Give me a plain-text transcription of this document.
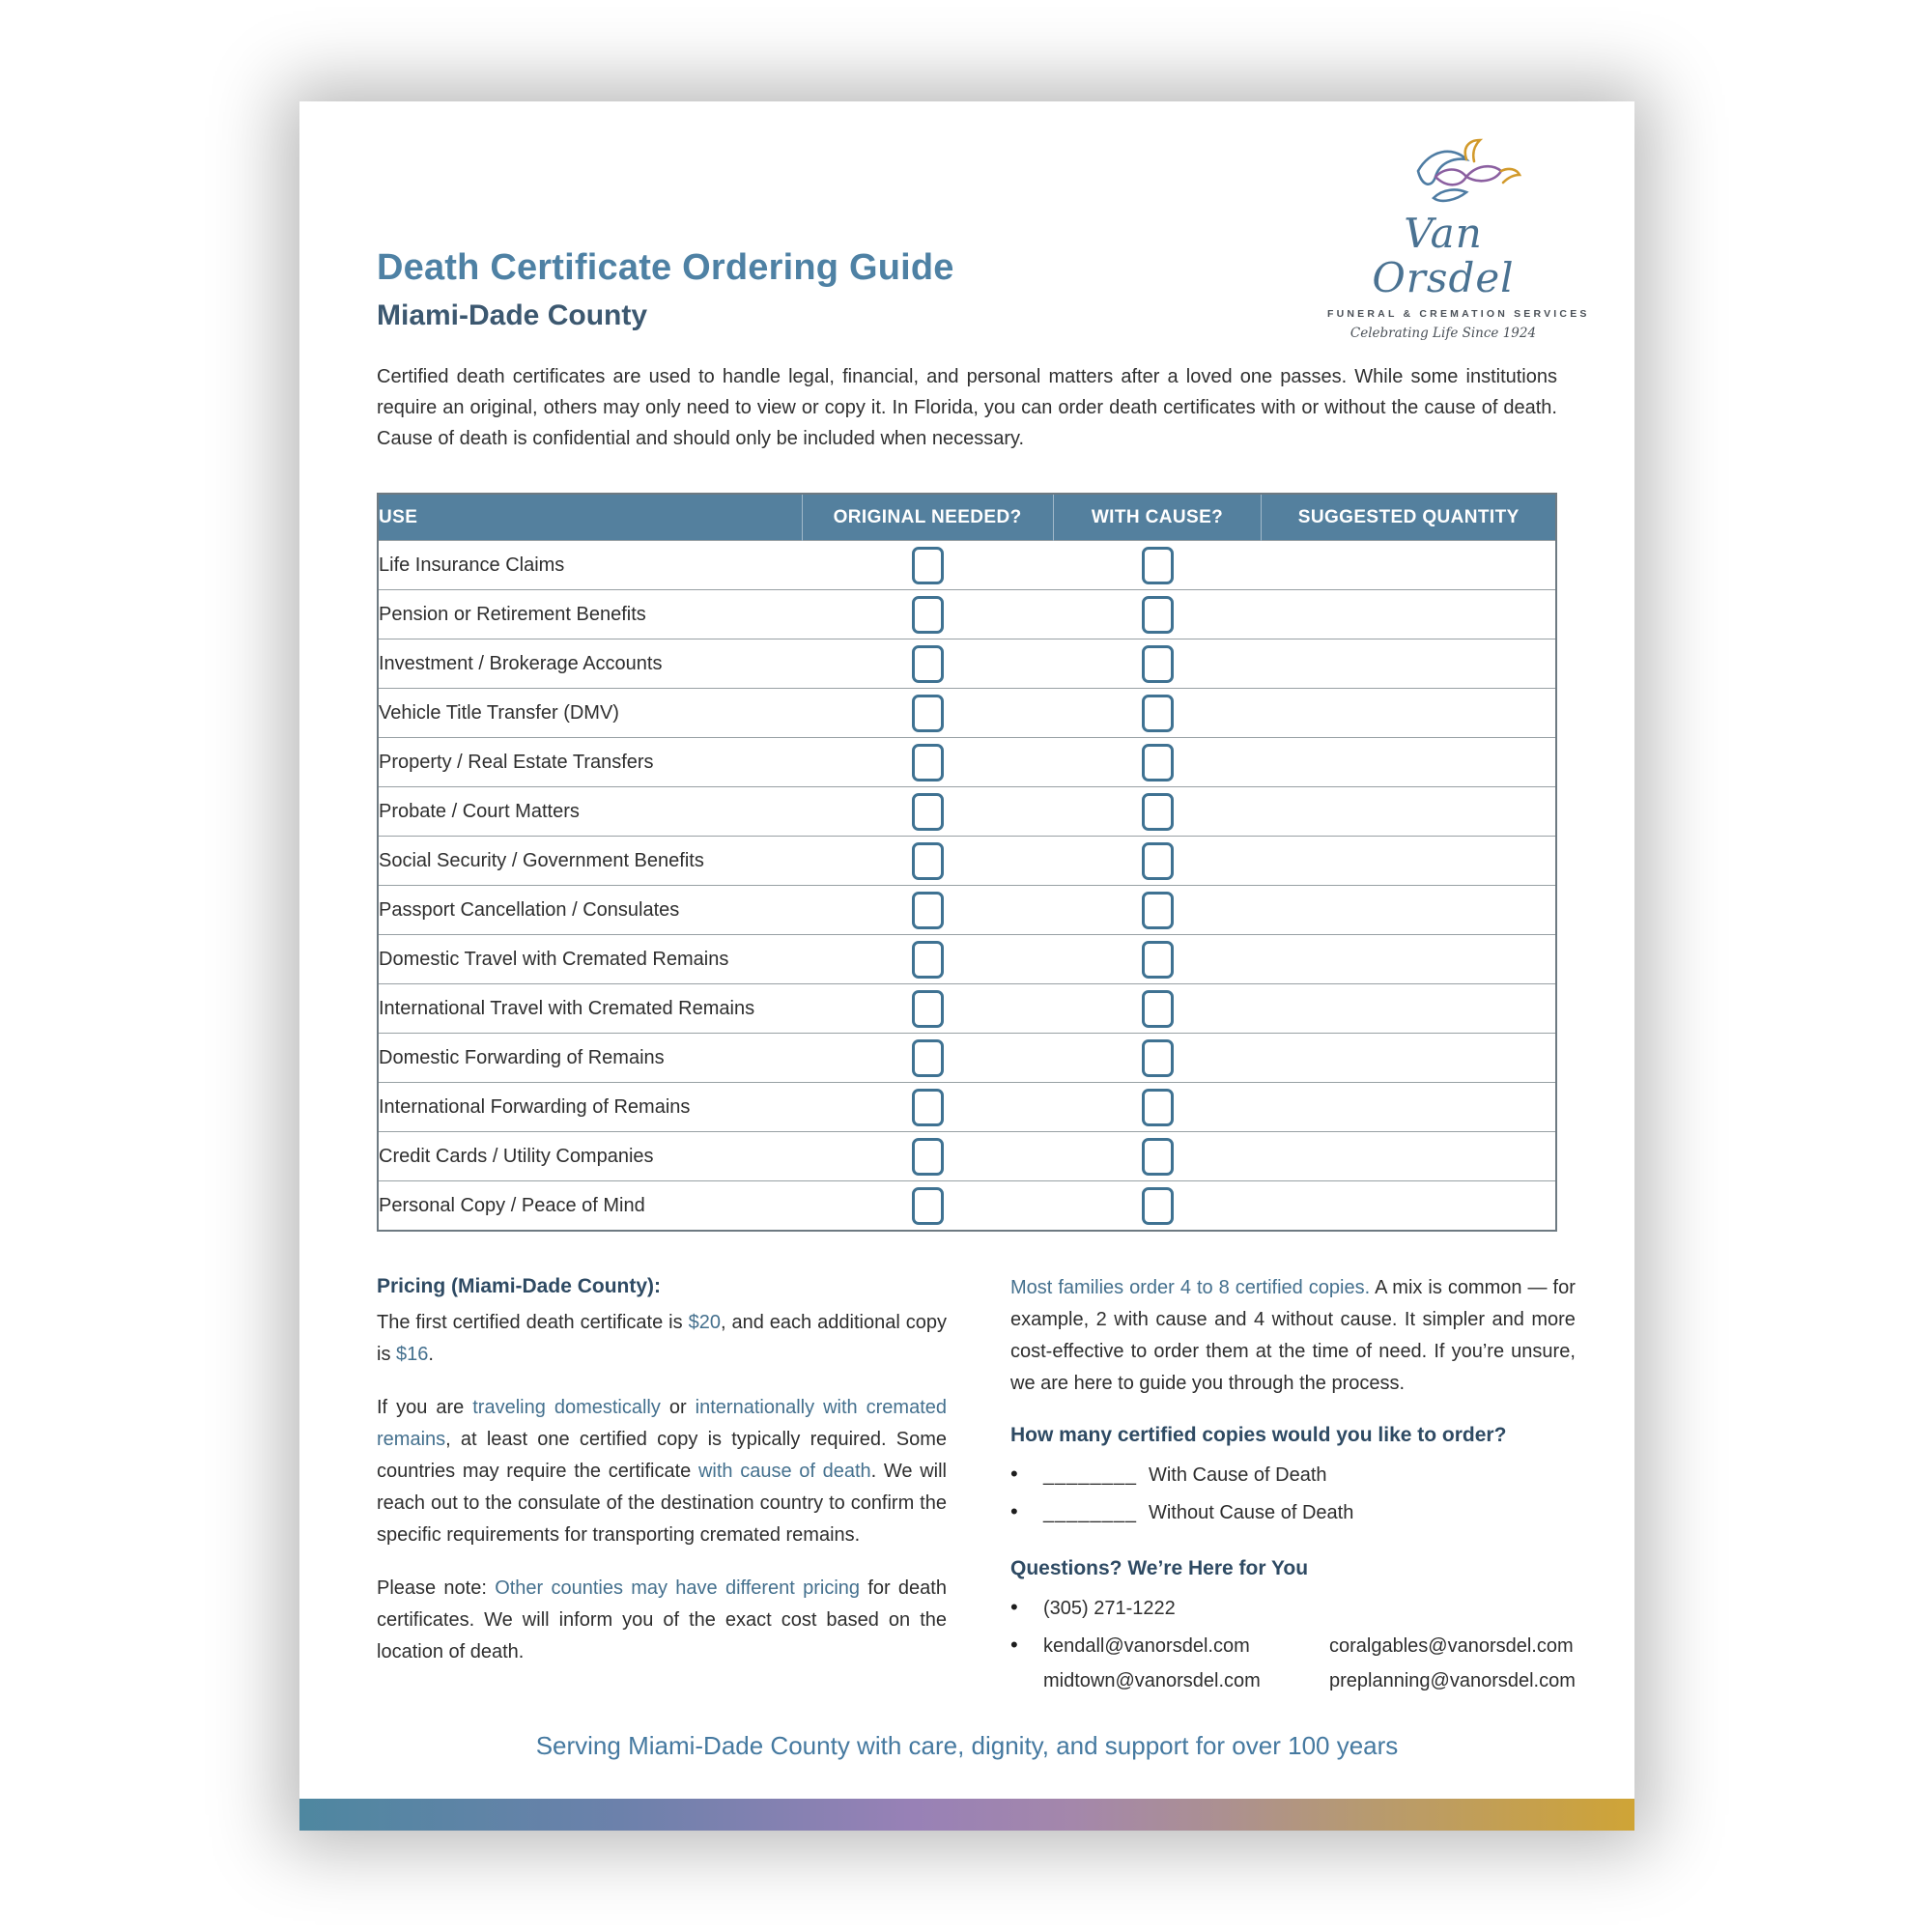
Van Orsdel
FUNERAL & CREMATION SERVICES
Celebrating Life Since 1924
Death Certificate Ordering Guide
Miami-Dade County

Certified death certificates are used to handle legal, financial, and personal matters after a loved one passes. While some institutions require an original, others may only need to view or copy it. In Florida, you can order death certificates with or without the cause of death. Cause of death is confidential and should only be included when necessary.

USE	ORIGINAL NEEDED?	WITH CAUSE?	SUGGESTED QUANTITY
Life Insurance Claims			
Pension or Retirement Benefits			
Investment / Brokerage Accounts			
Vehicle Title Transfer (DMV)			
Property / Real Estate Transfers			
Probate / Court Matters			
Social Security / Government Benefits			
Passport Cancellation / Consulates			
Domestic Travel with Cremated Remains			
International Travel with Cremated Remains			
Domestic Forwarding of Remains			
International Forwarding of Remains			
Credit Cards / Utility Companies			
Personal Copy / Peace of Mind			
Pricing (Miami-Dade County):

The first certified death certificate is $20, and each additional copy is $16.

If you are traveling domestically or internationally with cremated remains, at least one certified copy is typically required. Some countries may require the certificate with cause of death. We will reach out to the consulate of the destination country to confirm the specific requirements for transporting cremated remains.

Please note: Other counties may have different pricing for death certificates. We will inform you of the exact cost based on the location of death.

Most families order 4 to 8 certified copies. A mix is common — for example, 2 with cause and 4 without cause. It simpler and more cost-effective to order them at the time of need. If you’re unsure, we are here to guide you through the process.

How many certified copies would you like to order?
•	________ With Cause of Death
•	________ Without Cause of Death
Questions? We’re Here for You
•	(305) 271-1222
•	kendall@vanorsdel.com	coralgables@vanorsdel.com
midtown@vanorsdel.com	preplanning@vanorsdel.com

Serving Miami-Dade County with care, dignity, and support for over 100 years
